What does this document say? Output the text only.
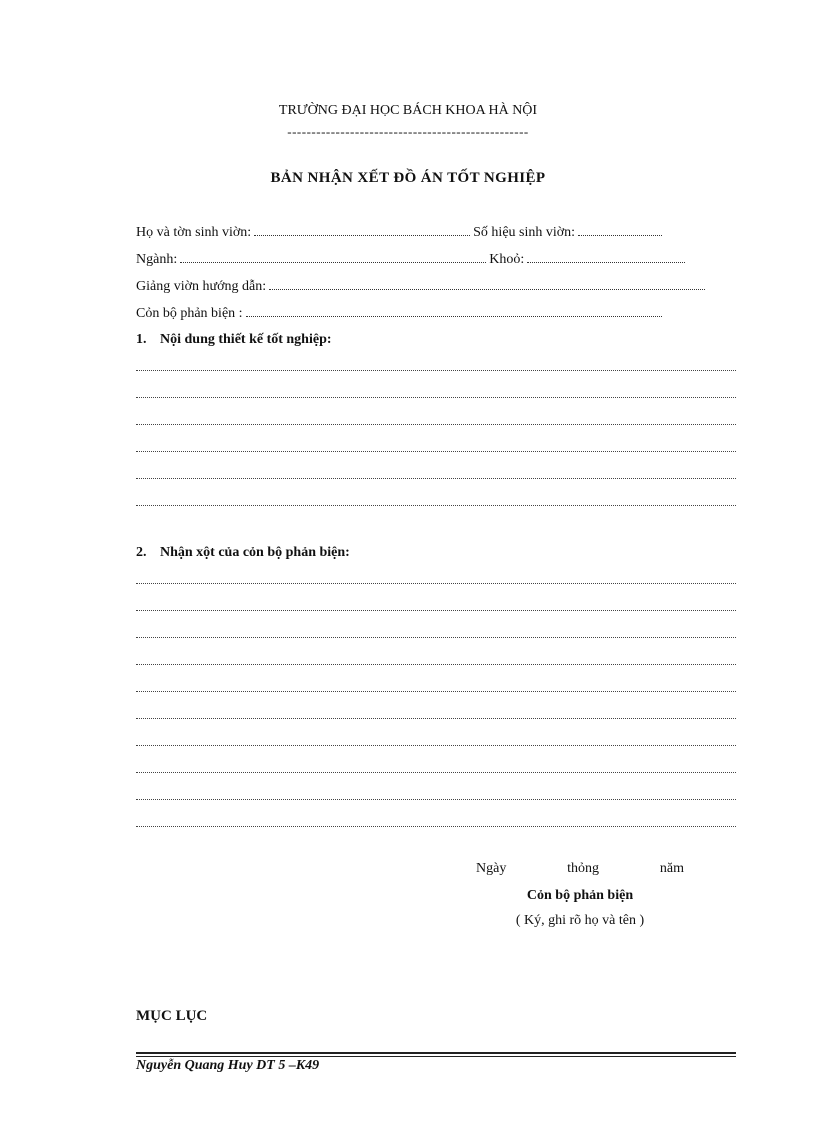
TRƯỜNG ĐẠI HỌC BÁCH KHOA HÀ NỘI
--------------------------------------------------
BẢN NHẬN XẾT ĐỒ ÁN TỐT NGHIỆP
Họ và tờn sinh viờn:	Số hiệu sinh viờn:
Ngành:	Khoỏ:
Giảng viờn hướng dẫn:
Cỏn bộ phản biện :
1. Nội dung thiết kế tốt nghiệp:
2. Nhận xột của cỏn bộ phản biện:
Ngày	thỏng	năm
Cỏn bộ phản biện
( Ký, ghi rõ họ và tên )
MỤC LỤC
Nguyễn Quang Huy DT 5 –K49
